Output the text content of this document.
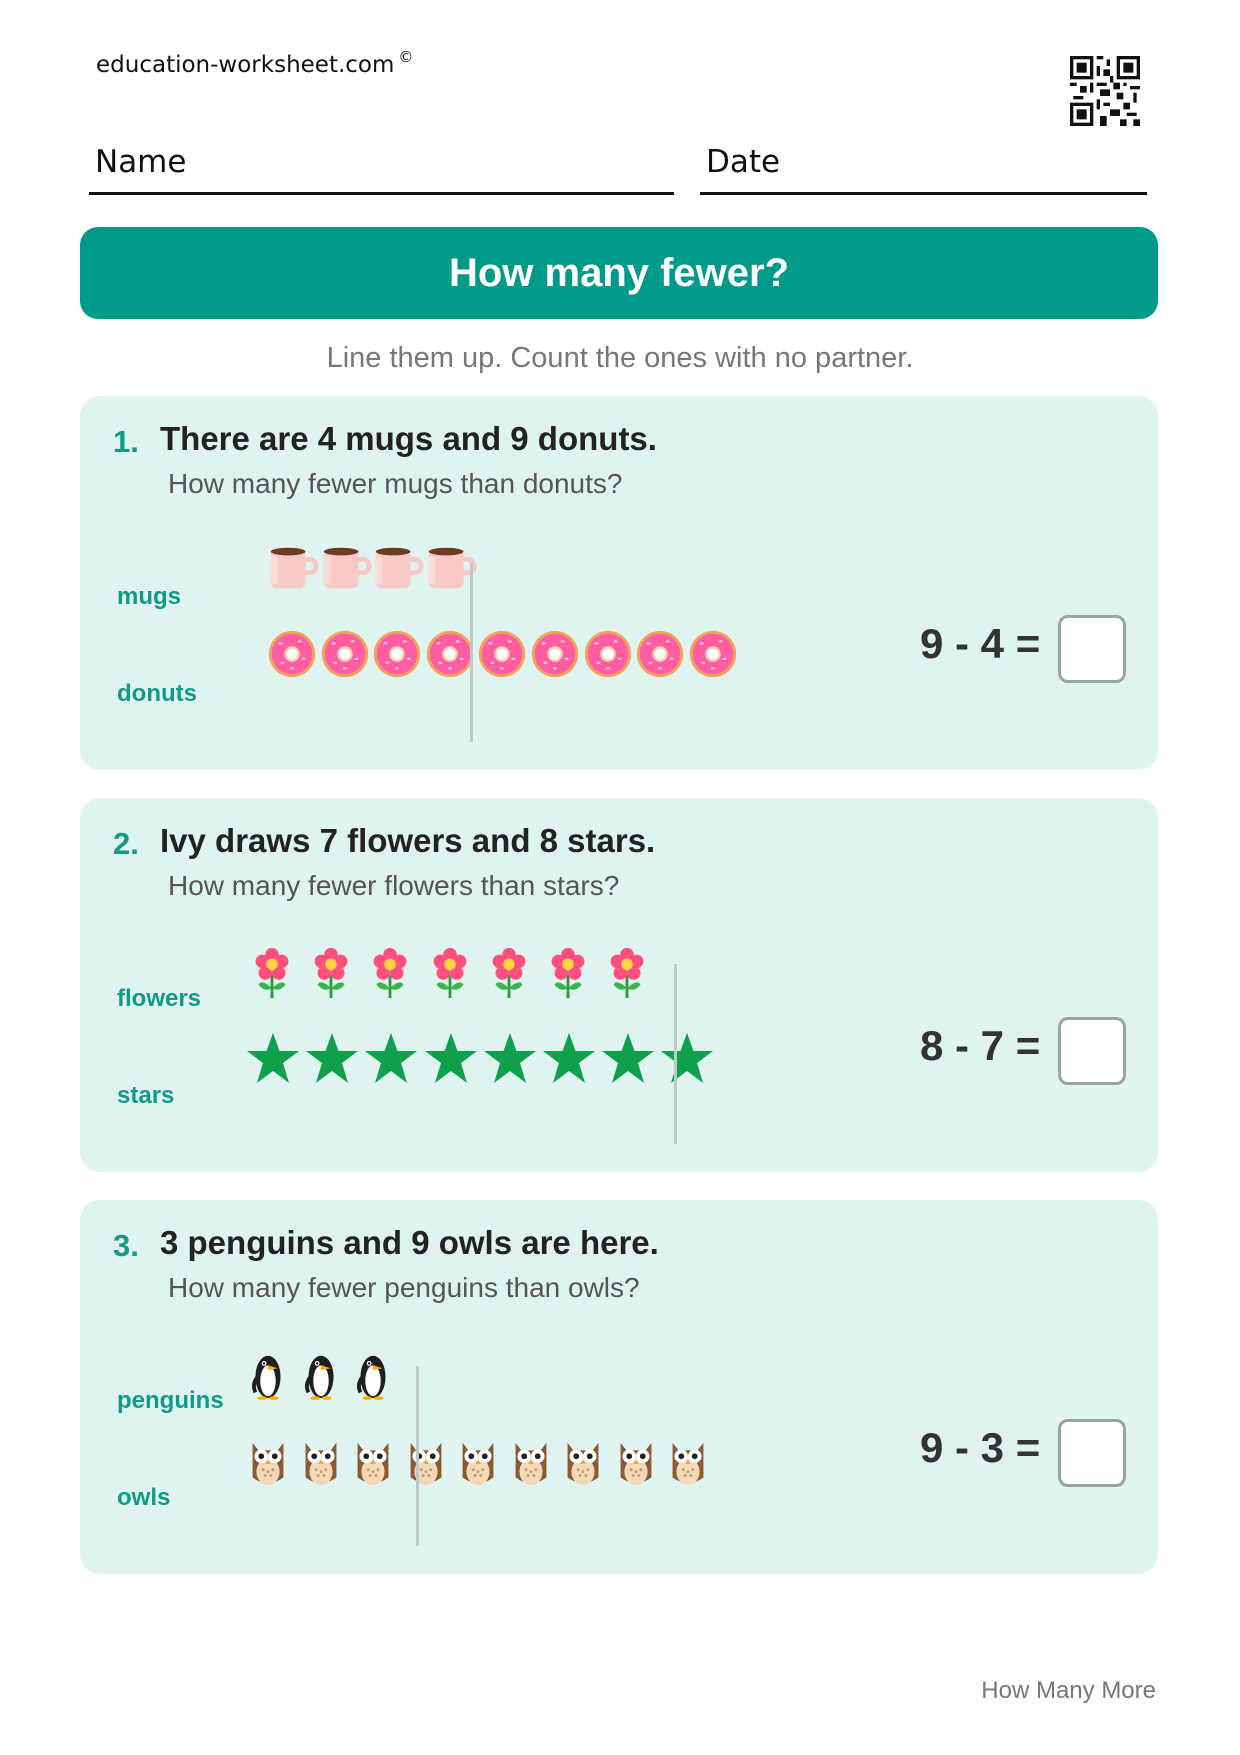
education-worksheet.com ©
Name	Date
How many fewer?
Line them up. Count the ones with no partner.
1. There are 4 mugs and 9 donuts.
How many fewer mugs than donuts?
mugs
donuts
9 - 4 =
2. Ivy draws 7 flowers and 8 stars.
How many fewer flowers than stars?
flowers
stars
8 - 7 =
3. 3 penguins and 9 owls are here.
How many fewer penguins than owls?
penguins
owls
9 - 3 =
How Many More
